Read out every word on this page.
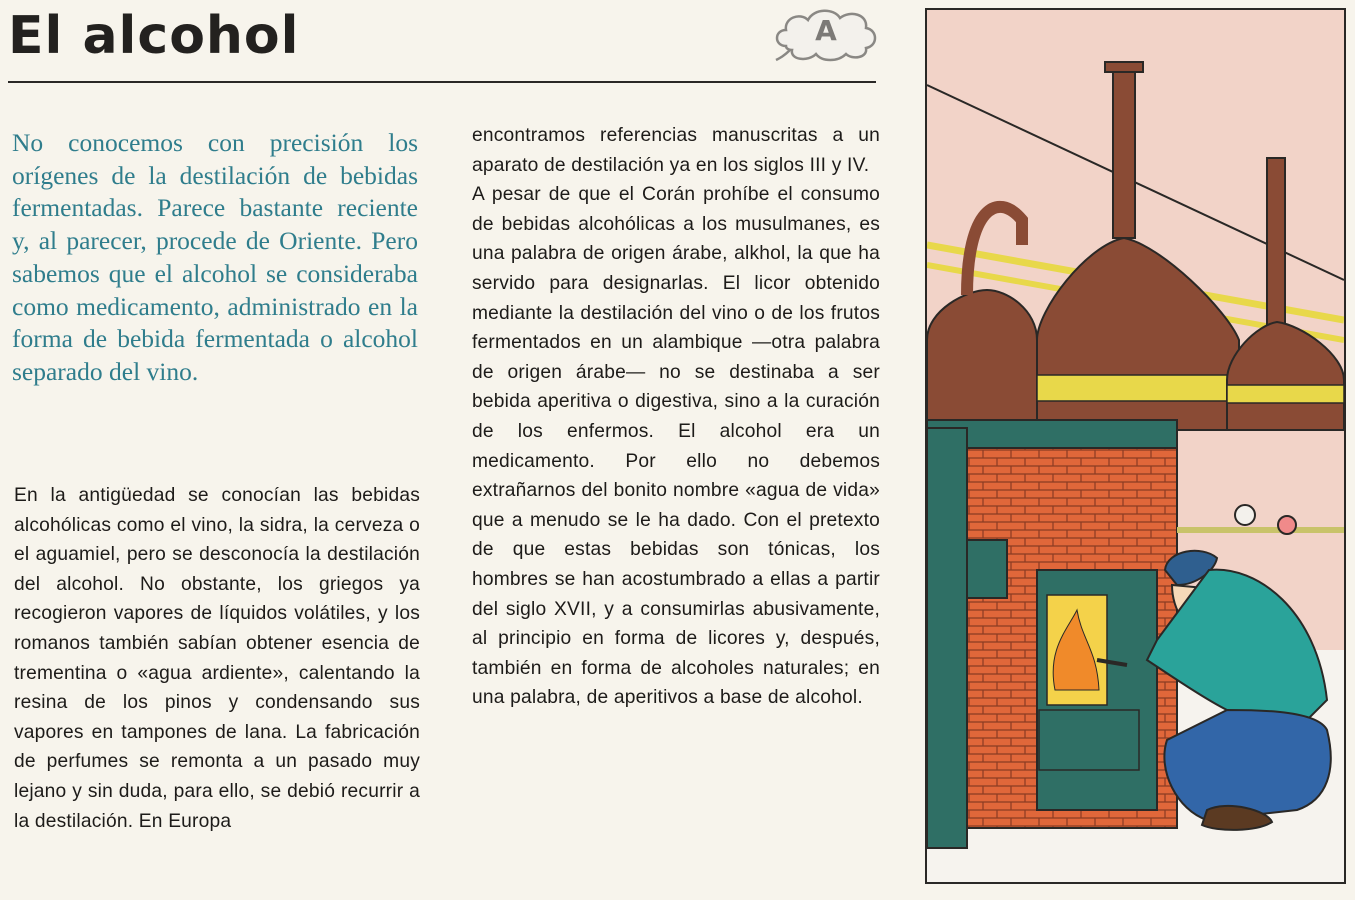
El alcohol	A

No conocemos con precisión los orígenes de la destilación de bebidas fermentadas. Parece bastante reciente y, al parecer, procede de Oriente. Pero sabemos que el alcohol se consideraba como medicamento, administrado en la forma de bebida fermentada o alcohol separado del vino.

En la antigüedad se conocían las bebidas alcohólicas como el vino, la sidra, la cerveza o el aguamiel, pero se desconocía la destilación del alcohol. No obstante, los griegos ya recogieron vapores de líquidos volátiles, y los romanos también sabían obtener esencia de trementina o «agua ardiente», calentando la resina de los pinos y condensando sus vapores en tampones de lana. La fabricación de perfumes se remonta a un pasado muy lejano y sin duda, para ello, se debió recurrir a la destilación. En Europa

encontramos referencias manuscritas a un aparato de destilación ya en los siglos III y IV.

A pesar de que el Corán prohíbe el consumo de bebidas alcohólicas a los musulmanes, es una palabra de origen árabe, alkhol, la que ha servido para designarlas. El licor obtenido mediante la destilación del vino o de los frutos fermentados en un alambique —otra palabra de origen árabe— no se destinaba a ser bebida aperitiva o digestiva, sino a la curación de los enfermos. El alcohol era un medicamento. Por ello no debemos extrañarnos del bonito nombre «agua de vida» que a menudo se le ha dado. Con el pretexto de que estas bebidas son tónicas, los hombres se han acostumbrado a ellas a partir del siglo XVII, y a consumirlas abusivamente, al principio en forma de licores y, después, también en forma de alcoholes naturales; en una palabra, de aperitivos a base de alcohol.
